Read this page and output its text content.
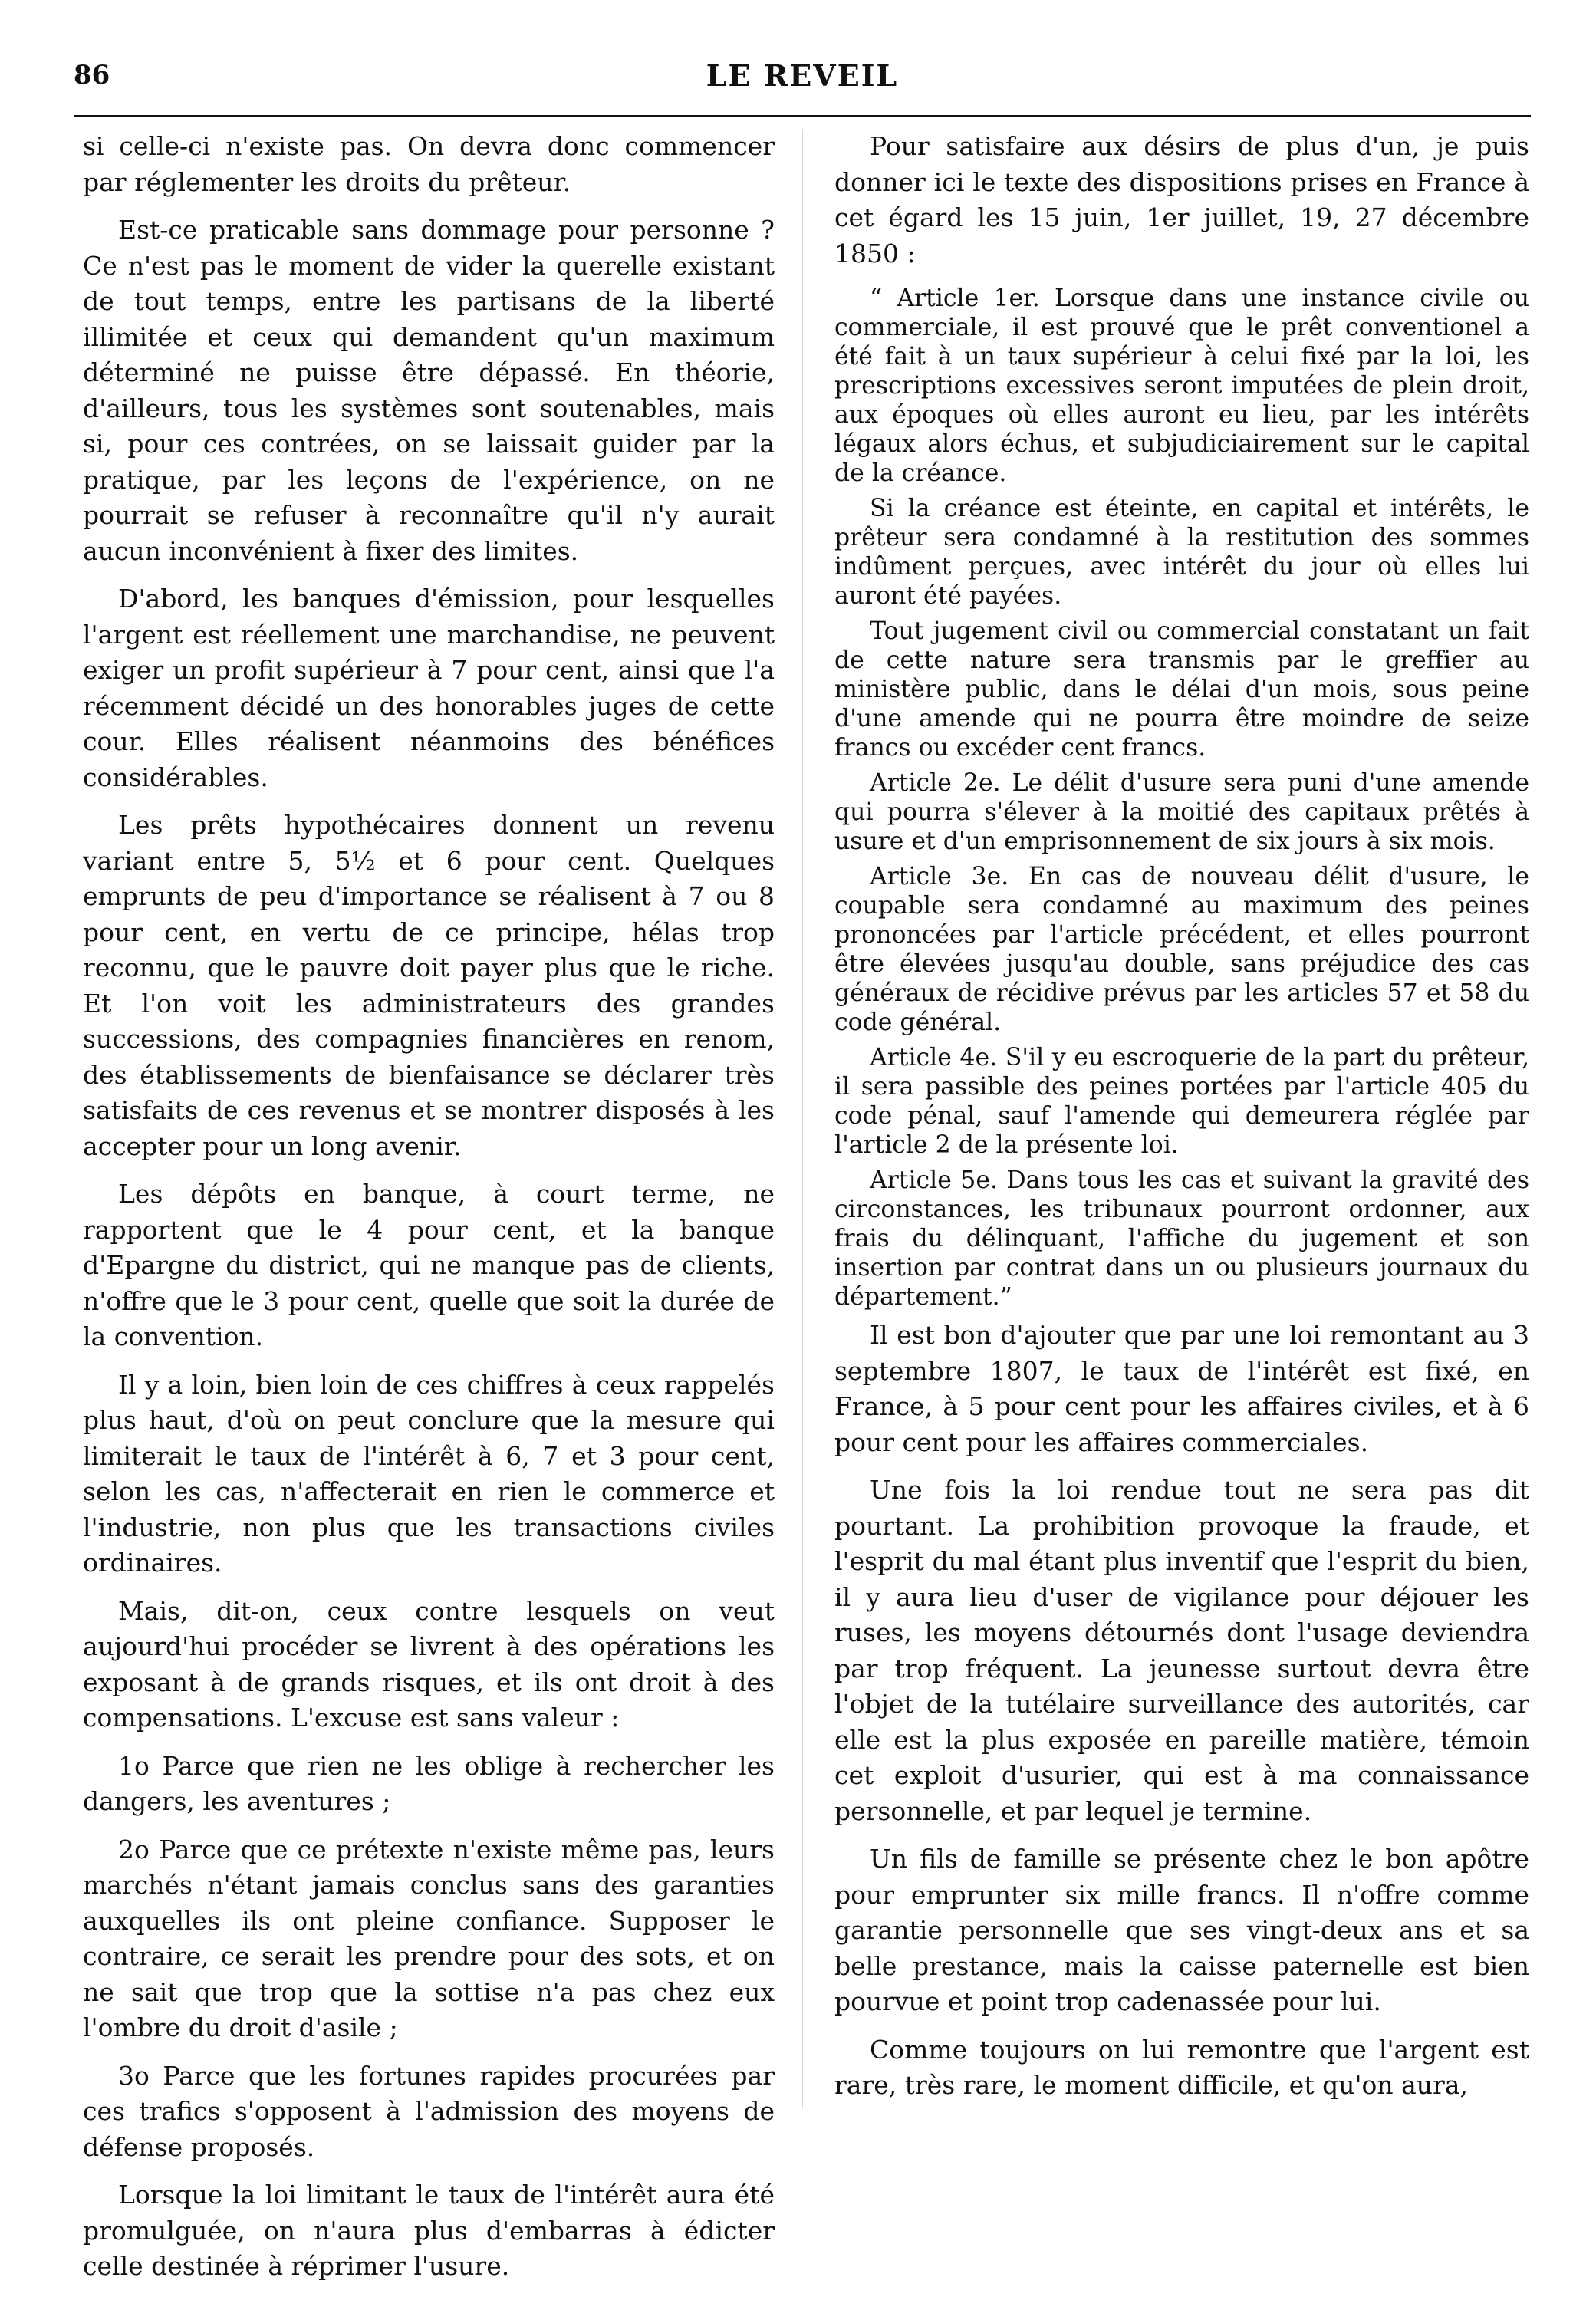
86	LE REVEIL

si celle-ci n'existe pas. On devra donc commencer par réglementer les droits du prêteur.

Est-ce praticable sans dommage pour personne ? Ce n'est pas le moment de vider la querelle existant de tout temps, entre les partisans de la liberté illimitée et ceux qui demandent qu'un maximum déterminé ne puisse être dépassé. En théorie, d'ailleurs, tous les systèmes sont soutenables, mais si, pour ces contrées, on se laissait guider par la pratique, par les leçons de l'expérience, on ne pourrait se refuser à reconnaître qu'il n'y aurait aucun inconvénient à fixer des limites.

D'abord, les banques d'émission, pour lesquelles l'argent est réellement une marchandise, ne peuvent exiger un profit supérieur à 7 pour cent, ainsi que l'a récemment décidé un des honorables juges de cette cour. Elles réalisent néanmoins des bénéfices considérables.

Les prêts hypothécaires donnent un revenu variant entre 5, 5½ et 6 pour cent. Quelques emprunts de peu d'importance se réalisent à 7 ou 8 pour cent, en vertu de ce principe, hélas trop reconnu, que le pauvre doit payer plus que le riche. Et l'on voit les administrateurs des grandes successions, des compagnies financières en renom, des établissements de bienfaisance se déclarer très satisfaits de ces revenus et se montrer disposés à les accepter pour un long avenir.

Les dépôts en banque, à court terme, ne rapportent que le 4 pour cent, et la banque d'Epargne du district, qui ne manque pas de clients, n'offre que le 3 pour cent, quelle que soit la durée de la convention.

Il y a loin, bien loin de ces chiffres à ceux rappelés plus haut, d'où on peut conclure que la mesure qui limiterait le taux de l'intérêt à 6, 7 et 3 pour cent, selon les cas, n'affecterait en rien le commerce et l'industrie, non plus que les transactions civiles ordinaires.

Mais, dit-on, ceux contre lesquels on veut aujourd'hui procéder se livrent à des opérations les exposant à de grands risques, et ils ont droit à des compensations. L'excuse est sans valeur :

1o Parce que rien ne les oblige à rechercher les dangers, les aventures ;

2o Parce que ce prétexte n'existe même pas, leurs marchés n'étant jamais conclus sans des garanties auxquelles ils ont pleine confiance. Supposer le contraire, ce serait les prendre pour des sots, et on ne sait que trop que la sottise n'a pas chez eux l'ombre du droit d'asile ;

3o Parce que les fortunes rapides procurées par ces trafics s'opposent à l'admission des moyens de défense proposés.

Lorsque la loi limitant le taux de l'intérêt aura été promulguée, on n'aura plus d'embarras à édicter celle destinée à réprimer l'usure.

Pour satisfaire aux désirs de plus d'un, je puis donner ici le texte des dispositions prises en France à cet égard les 15 juin, 1er juillet, 19, 27 décembre 1850 :

“ Article 1er. Lorsque dans une instance civile ou commerciale, il est prouvé que le prêt conventionel a été fait à un taux supérieur à celui fixé par la loi, les prescriptions excessives seront imputées de plein droit, aux époques où elles auront eu lieu, par les intérêts légaux alors échus, et subjudiciairement sur le capital de la créance.

Si la créance est éteinte, en capital et intérêts, le prêteur sera condamné à la restitution des sommes indûment perçues, avec intérêt du jour où elles lui auront été payées.

Tout jugement civil ou commercial constatant un fait de cette nature sera transmis par le greffier au ministère public, dans le délai d'un mois, sous peine d'une amende qui ne pourra être moindre de seize francs ou excéder cent francs.

Article 2e. Le délit d'usure sera puni d'une amende qui pourra s'élever à la moitié des capitaux prêtés à usure et d'un emprisonnement de six jours à six mois.

Article 3e. En cas de nouveau délit d'usure, le coupable sera condamné au maximum des peines prononcées par l'article précédent, et elles pourront être élevées jusqu'au double, sans préjudice des cas généraux de récidive prévus par les articles 57 et 58 du code général.

Article 4e. S'il y eu escroquerie de la part du prêteur, il sera passible des peines portées par l'article 405 du code pénal, sauf l'amende qui demeurera réglée par l'article 2 de la présente loi.

Article 5e. Dans tous les cas et suivant la gravité des circonstances, les tribunaux pourront ordonner, aux frais du délinquant, l'affiche du jugement et son insertion par contrat dans un ou plusieurs journaux du département.”

Il est bon d'ajouter que par une loi remontant au 3 septembre 1807, le taux de l'intérêt est fixé, en France, à 5 pour cent pour les affaires civiles, et à 6 pour cent pour les affaires commerciales.

Une fois la loi rendue tout ne sera pas dit pourtant. La prohibition provoque la fraude, et l'esprit du mal étant plus inventif que l'esprit du bien, il y aura lieu d'user de vigilance pour déjouer les ruses, les moyens détournés dont l'usage deviendra par trop fréquent. La jeunesse surtout devra être l'objet de la tutélaire surveillance des autorités, car elle est la plus exposée en pareille matière, témoin cet exploit d'usurier, qui est à ma connaissance personnelle, et par lequel je termine.

Un fils de famille se présente chez le bon apôtre pour emprunter six mille francs. Il n'offre comme garantie personnelle que ses vingt-deux ans et sa belle prestance, mais la caisse paternelle est bien pourvue et point trop cadenassée pour lui.

Comme toujours on lui remontre que l'argent est rare, très rare, le moment difficile, et qu'on aura,
